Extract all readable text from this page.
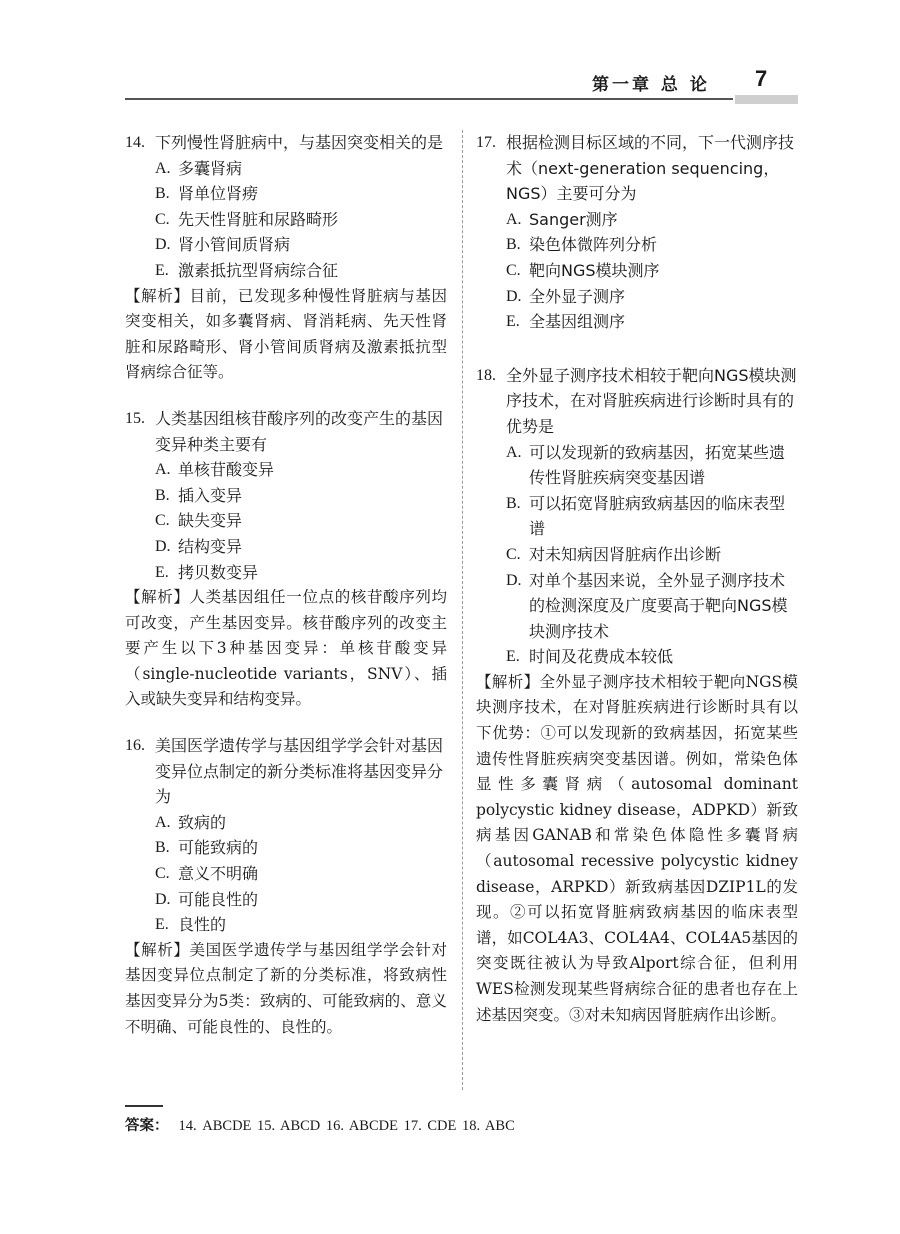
第一章 总 论 7
14. 下列慢性肾脏病中，与基因突变相关的是
A. 多囊肾病
B. 肾单位肾痨
C. 先天性肾脏和尿路畸形
D. 肾小管间质肾病
E. 激素抵抗型肾病综合征
【解析】目前，已发现多种慢性肾脏病与基因突变相关，如多囊肾病、肾消耗病、先天性肾脏和尿路畸形、肾小管间质肾病及激素抵抗型肾病综合征等。
15. 人类基因组核苷酸序列的改变产生的基因变异种类主要有
A. 单核苷酸变异
B. 插入变异
C. 缺失变异
D. 结构变异
E. 拷贝数变异
【解析】人类基因组任一位点的核苷酸序列均可改变，产生基因变异。核苷酸序列的改变主要产生以下3种基因变异：单核苷酸变异（single-nucleotide variants，SNV）、插入或缺失变异和结构变异。
16. 美国医学遗传学与基因组学学会针对基因变异位点制定的新分类标准将基因变异分为
A. 致病的
B. 可能致病的
C. 意义不明确
D. 可能良性的
E. 良性的
【解析】美国医学遗传学与基因组学学会针对基因变异位点制定了新的分类标准，将致病性基因变异分为5类：致病的、可能致病的、意义不明确、可能良性的、良性的。
17. 根据检测目标区域的不同，下一代测序技术（next-generation sequencing，NGS）主要可分为
A. Sanger测序
B. 染色体微阵列分析
C. 靶向NGS模块测序
D. 全外显子测序
E. 全基因组测序
18. 全外显子测序技术相较于靶向NGS模块测序技术，在对肾脏疾病进行诊断时具有的优势是
A. 可以发现新的致病基因，拓宽某些遗传性肾脏疾病突变基因谱
B. 可以拓宽肾脏病致病基因的临床表型谱
C. 对未知病因肾脏病作出诊断
D. 对单个基因来说，全外显子测序技术的检测深度及广度要高于靶向NGS模块测序技术
E. 时间及花费成本较低
【解析】全外显子测序技术相较于靶向NGS模块测序技术，在对肾脏疾病进行诊断时具有以下优势：①可以发现新的致病基因，拓宽某些遗传性肾脏疾病突变基因谱。例如，常染色体显性多囊肾病（autosomal dominant polycystic kidney disease，ADPKD）新致病基因GANAB和常染色体隐性多囊肾病（autosomal recessive polycystic kidney disease，ARPKD）新致病基因DZIP1L的发现。②可以拓宽肾脏病致病基因的临床表型谱，如COL4A3、COL4A4、COL4A5基因的突变既往被认为导致Alport综合征，但利用WES检测发现某些肾病综合征的患者也存在上述基因突变。③对未知病因肾脏病作出诊断。
答案： 14. ABCDE 15. ABCD 16. ABCDE 17. CDE 18. ABC
